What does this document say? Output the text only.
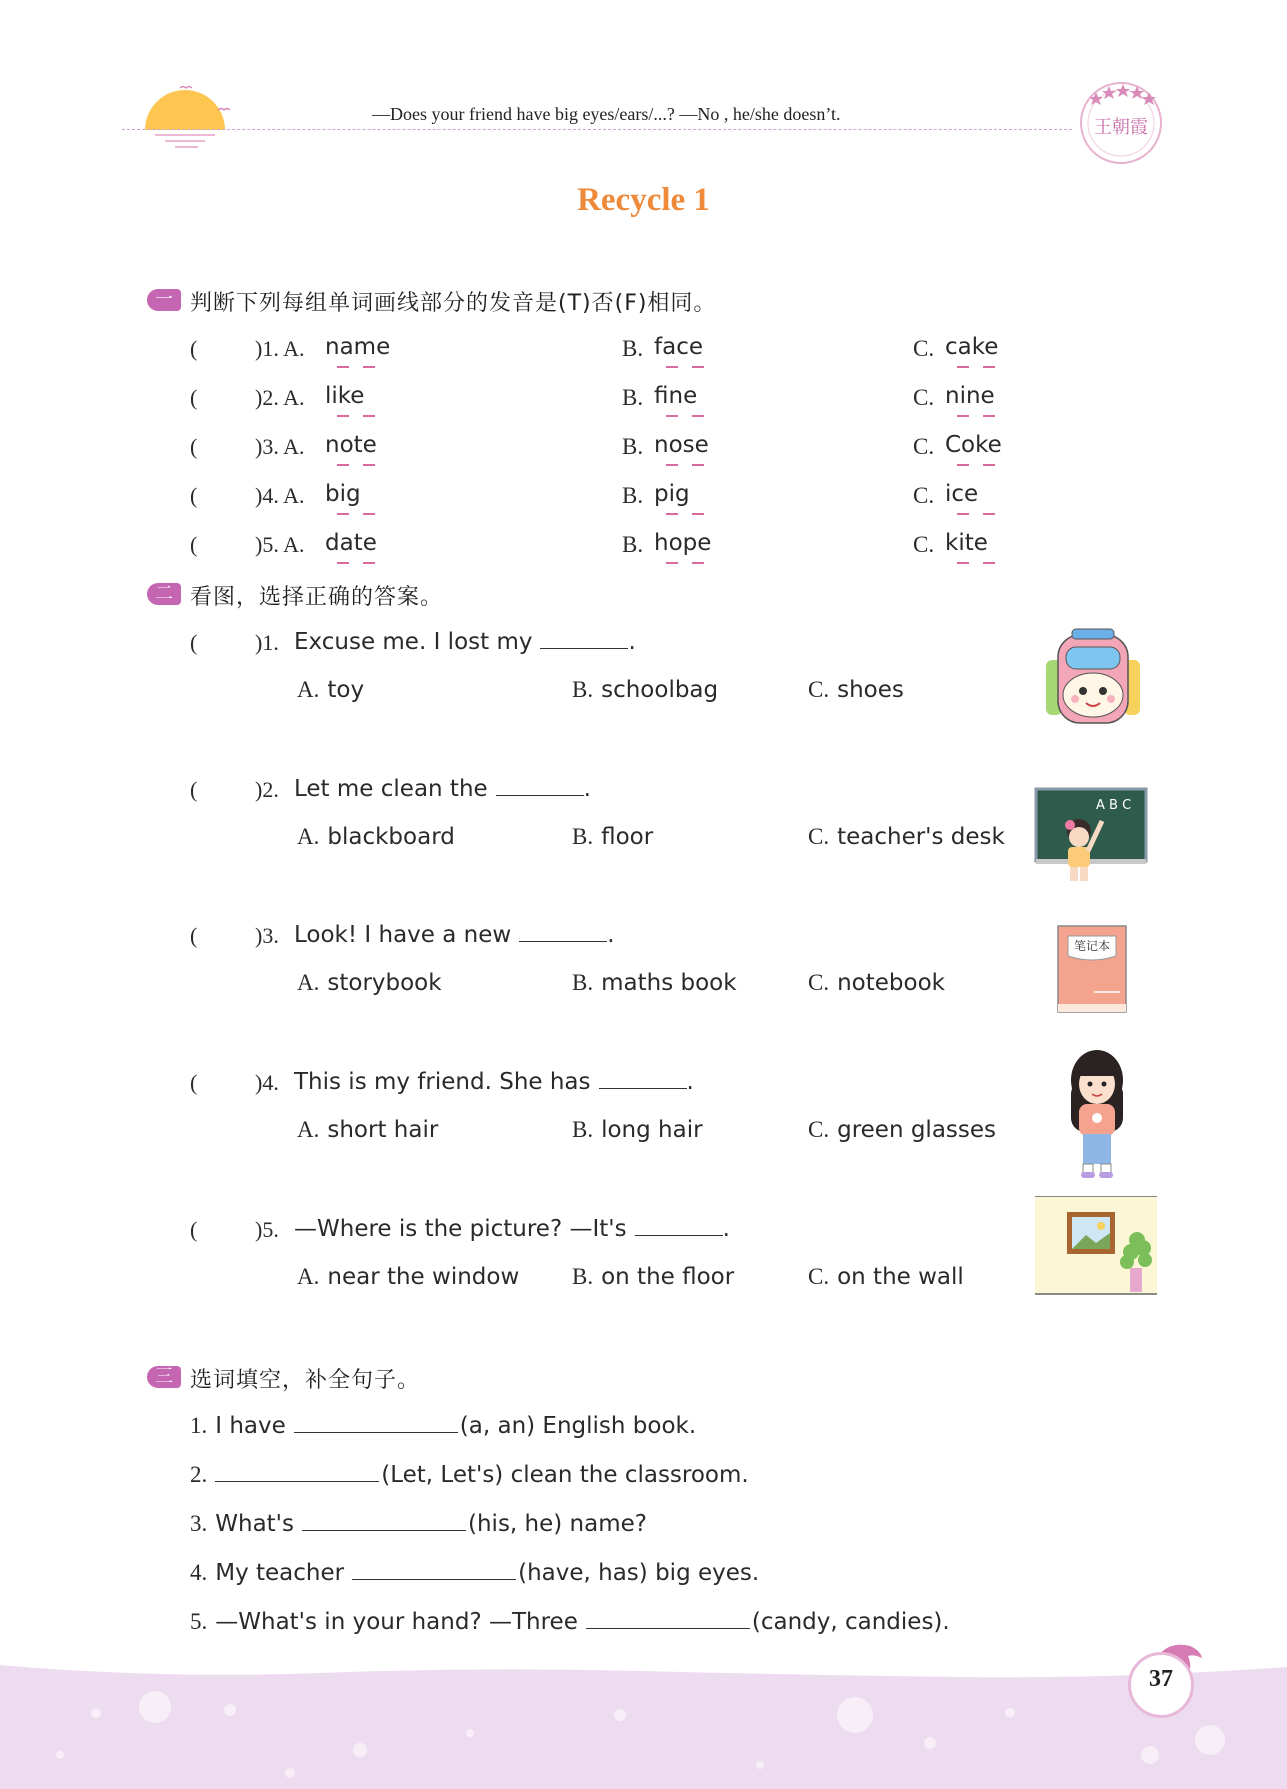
—Does your friend have big eyes/ears/...? —No , he/she doesn’t.
王朝霞
Recycle 1
一 判断下列每组单词画线部分的发音是(T)否(F)相同。
(	)1. A. name	B. face	C. cake
(	)2. A. like	B. fine	C. nine
(	)3. A. note	B. nose	C. Coke
(	)4. A. big	B. pig	C. ice
(	)5. A. date	B. hope	C. kite
二 看图，选择正确的答案。
(	)1. Excuse me. I lost my	.
A. toy	B. schoolbag	C. shoes
(	)2. Let me clean the	.
A. blackboard	B. floor	C. teacher's desk
(	)3. Look! I have a new	.
A. storybook	B. maths book	C. notebook
(	)4. This is my friend. She has	.
A. short hair	B. long hair	C. green glasses
(	)5. —Where is the picture? —It's	.
A. near the window B. on the floor	C. on the wall
A B C
笔记本
三 选词填空，补全句子。
1. I have	(a, an) English book.
2.	(Let, Let's) clean the classroom.
3. What's	(his, he) name?
4. My teacher	(have, has) big eyes.
5. —What's in your hand? —Three	(candy, candies).
37
